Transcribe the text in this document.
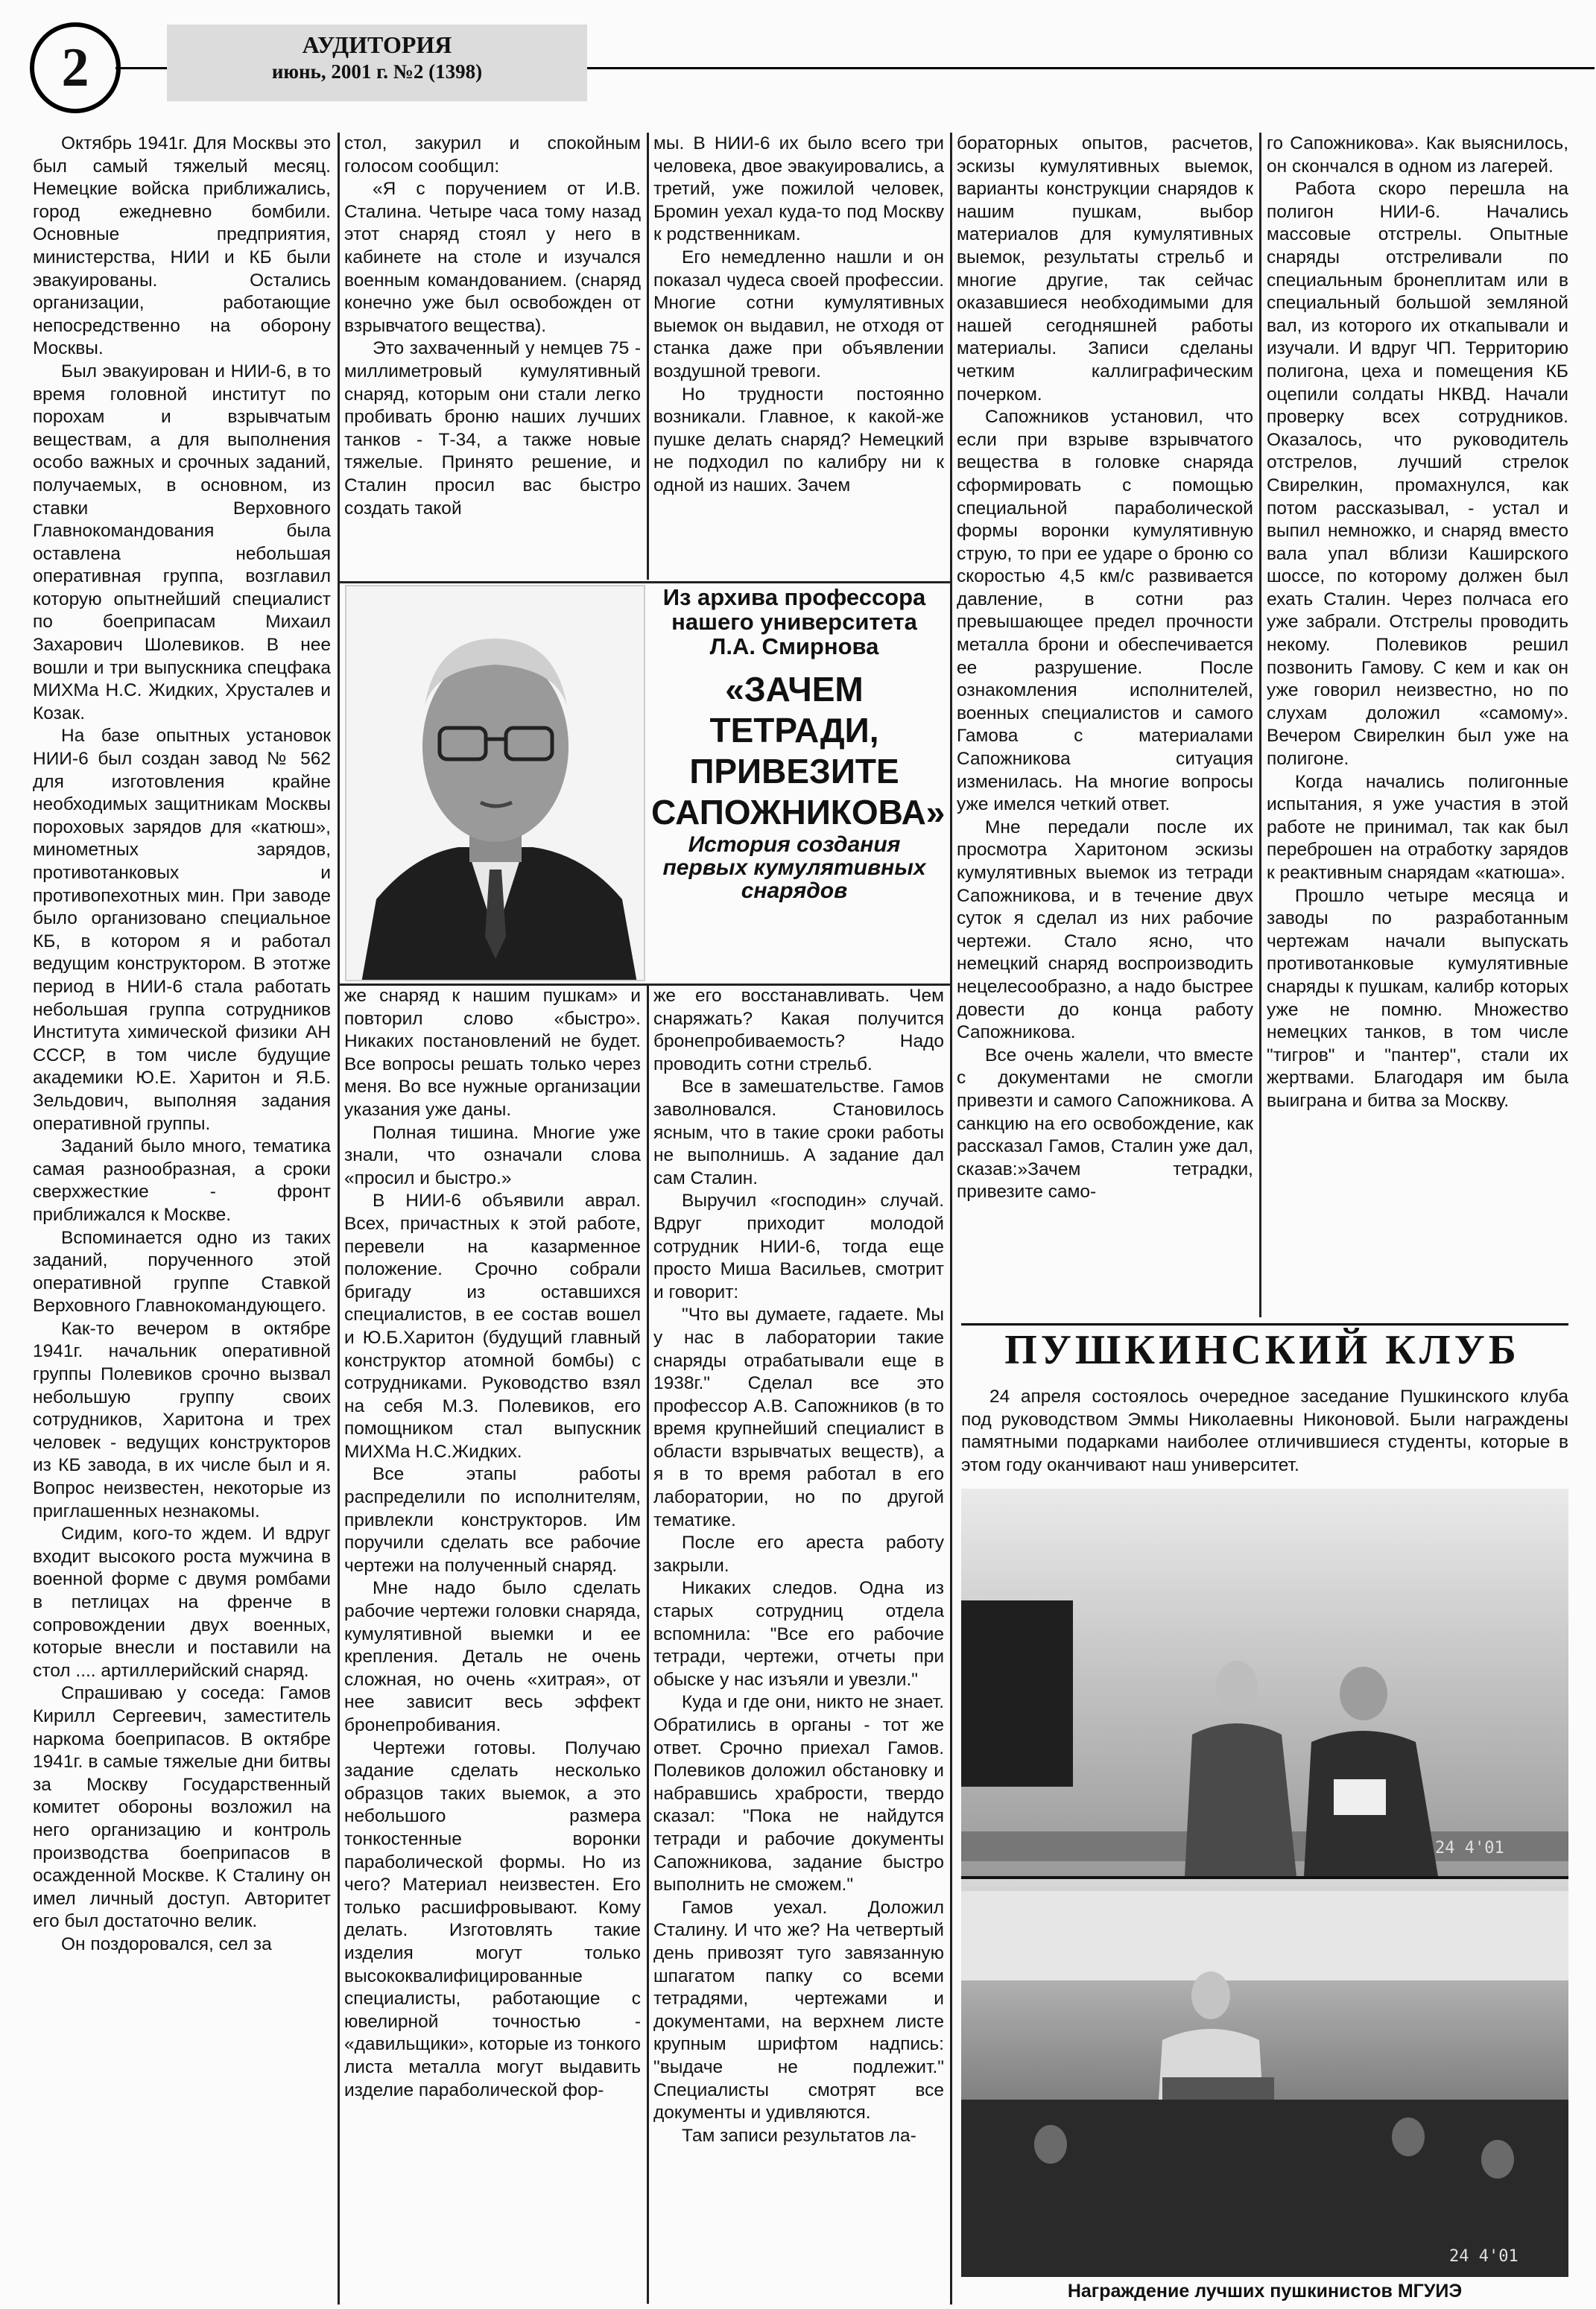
2	АУДИТОРИЯ
июнь, 2001 г. №2 (1398)

Октябрь 1941г. Для Москвы это был самый тяжелый месяц. Немецкие войска приближались, город ежедневно бомбили. Основные предприятия, министерства, НИИ и КБ были эвакуированы. Остались организации, работающие непосредственно на оборону Москвы.

Был эвакуирован и НИИ-6, в то время головной институт по порохам и взрывчатым веществам, а для выполнения особо важных и срочных заданий, получаемых, в основном, из ставки Верховного Главнокомандования была оставлена небольшая оперативная группа, возглавил которую опытнейший специалист по боеприпасам Михаил Захарович Шолевиков. В нее вошли и три выпускника спецфака МИХМа Н.С. Жидких, Хрусталев и Козак.

На базе опытных установок НИИ-6 был создан завод № 562 для изготовления крайне необходимых защитникам Москвы пороховых зарядов для «катюш», минометных зарядов, противотанковых и противопехотных мин. При заводе было организовано специальное КБ, в котором я и работал ведущим конструктором. В этотже период в НИИ-6 стала работать небольшая группа сотрудников Института химической физики АН СССР, в том числе будущие академики Ю.Е. Харитон и Я.Б. Зельдович, выполняя задания оперативной группы.

Заданий было много, тематика самая разнообразная, а сроки сверхжесткие - фронт приближался к Москве.

Вспоминается одно из таких заданий, порученного этой оперативной группе Ставкой Верховного Главнокомандующего.

Как-то вечером в октябре 1941г. начальник оперативной группы Полевиков срочно вызвал небольшую группу своих сотрудников, Харитона и трех человек - ведущих конструкторов из КБ завода, в их числе был и я. Вопрос неизвестен, некоторые из приглашенных незнакомы.

Сидим, кого-то ждем. И вдруг входит высокого роста мужчина в военной форме с двумя ромбами в петлицах на френче в сопровождении двух военных, которые внесли и поставили на стол .... артиллерийский снаряд.

Спрашиваю у соседа: Гамов Кирилл Сергеевич, заместитель наркома боеприпасов. В октябре 1941г. в самые тяжелые дни битвы за Москву Государственный комитет обороны возложил на него организацию и контроль производства боеприпасов в осажденной Москве. К Сталину он имел личный доступ. Авторитет его был достаточно велик.

Он поздоровался, сел за

стол, закурил и спокойным голосом сообщил:

«Я с поручением от И.В. Сталина. Четыре часа тому назад этот снаряд стоял у него в кабинете на столе и изучался военным командованием. (снаряд конечно уже был освобожден от взрывчатого вещества).

Это захваченный у немцев 75 - миллиметровый кумулятивный снаряд, которым они стали легко пробивать броню наших лучших танков - Т-34, а также новые тяжелые. Принято решение, и Сталин просил вас быстро создать такой

мы. В НИИ-6 их было всего три человека, двое эвакуировались, а третий, уже пожилой человек, Бромин уехал куда-то под Москву к родственникам.

Его немедленно нашли и он показал чудеса своей профессии. Многие сотни кумулятивных выемок он выдавил, не отходя от станка даже при объявлении воздушной тревоги.

Но трудности постоянно возникали. Главное, к какой-же пушке делать снаряд? Немецкий не подходил по калибру ни к одной из наших. Зачем

Из архива профессора нашего университета Л.А. Смирнова
«ЗАЧЕМ ТЕТРАДИ, ПРИВЕЗИТЕ САПОЖНИКОВА»
История создания первых кумулятивных снарядов

же снаряд к нашим пушкам» и повторил слово «быстро». Никаких постановлений не будет. Все вопросы решать только через меня. Во все нужные организации указания уже даны.

Полная тишина. Многие уже знали, что означали слова «просил и быстро.»

В НИИ-6 объявили аврал. Всех, причастных к этой работе, перевели на казарменное положение. Срочно собрали бригаду из оставшихся специалистов, в ее состав вошел и Ю.Б.Харитон (будущий главный конструктор атомной бомбы) с сотрудниками. Руководство взял на себя М.З. Полевиков, его помощником стал выпускник МИХМа Н.С.Жидких.

Все этапы работы распределили по исполнителям, привлекли конструкторов. Им поручили сделать все рабочие чертежи на полученный снаряд.

Мне надо было сделать рабочие чертежи головки снаряда, кумулятивной выемки и ее крепления. Деталь не очень сложная, но очень «хитрая», от нее зависит весь эффект бронепробивания.

Чертежи готовы. Получаю задание сделать несколько образцов таких выемок, а это небольшого размера тонкостенные воронки параболической формы. Но из чего? Материал неизвестен. Его только расшифровывают. Кому делать. Изготовлять такие изделия могут только высококвалифицированные специалисты, работающие с ювелирной точностью - «давильщики», которые из тонкого листа металла могут выдавить изделие параболической фор-

же его восстанавливать. Чем снаряжать? Какая получится бронепробиваемость? Надо проводить сотни стрельб.

Все в замешательстве. Гамов заволновался. Становилось ясным, что в такие сроки работы не выполнишь. А задание дал сам Сталин.

Выручил «господин» случай. Вдруг приходит молодой сотрудник НИИ-6, тогда еще просто Миша Васильев, смотрит и говорит:

"Что вы думаете, гадаете. Мы у нас в лаборатории такие снаряды отрабатывали еще в 1938г." Сделал все это профессор А.В. Сапожников (в то время крупнейший специалист в области взрывчатых веществ), а я в то время работал в его лаборатории, но по другой тематике.

После его ареста работу закрыли.

Никаких следов. Одна из старых сотрудниц отдела вспомнила: "Все его рабочие тетради, чертежи, отчеты при обыске у нас изъяли и увезли."

Куда и где они, никто не знает. Обратились в органы - тот же ответ. Срочно приехал Гамов. Полевиков доложил обстановку и набравшись храбрости, твердо сказал: "Пока не найдутся тетради и рабочие документы Сапожникова, задание быстро выполнить не сможем."

Гамов уехал. Доложил Сталину. И что же? На четвертый день привозят туго завязанную шпагатом папку со всеми тетрадями, чертежами и документами, на верхнем листе крупным шрифтом надпись: "выдаче не подлежит." Специалисты смотрят все документы и удивляются.

Там записи результатов ла-

бораторных опытов, расчетов, эскизы кумулятивных выемок, варианты конструкции снарядов к нашим пушкам, выбор материалов для кумулятивных выемок, результаты стрельб и многие другие, так сейчас оказавшиеся необходимыми для нашей сегодняшней работы материалы. Записи сделаны четким каллиграфическим почерком.

Сапожников установил, что если при взрыве взрывчатого вещества в головке снаряда сформировать с помощью специальной параболической формы воронки кумулятивную струю, то при ее ударе о броню со скоростью 4,5 км/с развивается давление, в сотни раз превышающее предел прочности металла брони и обеспечивается ее разрушение. После ознакомления исполнителей, военных специалистов и самого Гамова с материалами Сапожникова ситуация изменилась. На многие вопросы уже имелся четкий ответ.

Мне передали после их просмотра Харитоном эскизы кумулятивных выемок из тетради Сапожникова, и в течение двух суток я сделал из них рабочие чертежи. Стало ясно, что немецкий снаряд воспроизводить нецелесообразно, а надо быстрее довести до конца работу Сапожникова.

Все очень жалели, что вместе с документами не смогли привезти и самого Сапожникова. А санкцию на его освобождение, как рассказал Гамов, Сталин уже дал, сказав:»Зачем тетрадки, привезите само-

го Сапожникова». Как выяснилось, он скончался в одном из лагерей.

Работа скоро перешла на полигон НИИ-6. Начались массовые отстрелы. Опытные снаряды отстреливали по специальным бронеплитам или в специальный большой земляной вал, из которого их откапывали и изучали. И вдруг ЧП. Территорию полигона, цеха и помещения КБ оцепили солдаты НКВД. Начали проверку всех сотрудников. Оказалось, что руководитель отстрелов, лучший стрелок Свирелкин, промахнулся, как потом рассказывал, - устал и выпил немножко, и снаряд вместо вала упал вблизи Каширского шоссе, по которому должен был ехать Сталин. Через полчаса его уже забрали. Отстрелы проводить некому. Полевиков решил позвонить Гамову. С кем и как он уже говорил неизвестно, но по слухам доложил «самому». Вечером Свирелкин был уже на полигоне.

Когда начались полигонные испытания, я уже участия в этой работе не принимал, так как был переброшен на отработку зарядов к реактивным снарядам «катюша».

Прошло четыре месяца и заводы по разработанным чертежам начали выпускать противотанковые кумулятивные снаряды к пушкам, калибр которых уже не помню. Множество немецких танков, в том числе "тигров" и "пантер", стали их жертвами. Благодаря им была выиграна и битва за Москву.

ПУШКИНСКИЙ КЛУБ
24 апреля состоялось очередное заседание Пушкинского клуба под руководством Эммы Николаевны Никоновой. Были награждены памятными подарками наиболее отличившиеся студенты, которые в этом году оканчивают наш университет.
24 4'01
24 4'01
Награждение лучших пушкинистов МГУИЭ
